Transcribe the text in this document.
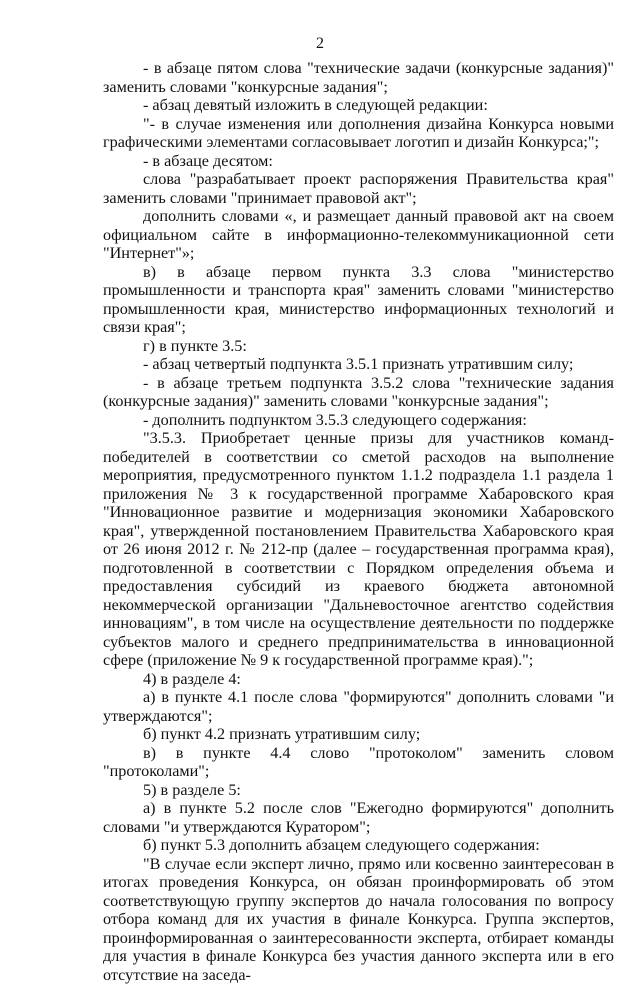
2

- в абзаце пятом слова "технические задачи (конкурсные задания)" заменить словами "конкурсные задания";

- абзац девятый изложить в следующей редакции:

"- в случае изменения или дополнения дизайна Конкурса новыми графическими элементами согласовывает логотип и дизайн Конкурса;";

- в абзаце десятом:

слова "разрабатывает проект распоряжения Правительства края" заменить словами "принимает правовой акт";

дополнить словами «, и размещает данный правовой акт на своем официальном сайте в информационно-телекоммуникационной сети "Интернет"»;

в) в абзаце первом пункта 3.3 слова "министерство промышленности и транспорта края" заменить словами "министерство промышленности края, министерство информационных технологий и связи края";

г) в пункте 3.5:

- абзац четвертый подпункта 3.5.1 признать утратившим силу;

- в абзаце третьем подпункта 3.5.2 слова "технические задания (конкурсные задания)" заменить словами "конкурсные задания";

- дополнить подпунктом 3.5.3 следующего содержания:

"3.5.3. Приобретает ценные призы для участников команд-победителей в соответствии со сметой расходов на выполнение мероприятия, предусмотренного пунктом 1.1.2 подраздела 1.1 раздела 1 приложения № 3 к государственной программе Хабаровского края "Инновационное развитие и модернизация экономики Хабаровского края", утвержденной постановлением Правительства Хабаровского края от 26 июня 2012 г. № 212-пр (далее – государственная программа края), подготовленной в соответствии с Порядком определения объема и предоставления субсидий из краевого бюджета автономной некоммерческой организации "Дальневосточное агентство содействия инновациям", в том числе на осуществление деятельности по поддержке субъектов малого и среднего предпринимательства в инновационной сфере (приложение № 9 к государственной программе края).";

4) в разделе 4:

а) в пункте 4.1 после слова "формируются" дополнить словами "и утверждаются";

б) пункт 4.2 признать утратившим силу;

в) в пункте 4.4 слово "протоколом" заменить словом "протоколами";

5) в разделе 5:

а) в пункте 5.2 после слов "Ежегодно формируются" дополнить словами "и утверждаются Куратором";

б) пункт 5.3 дополнить абзацем следующего содержания:

"В случае если эксперт лично, прямо или косвенно заинтересован в итогах проведения Конкурса, он обязан проинформировать об этом соответствующую группу экспертов до начала голосования по вопросу отбора команд для их участия в финале Конкурса. Группа экспертов, проинформированная о заинтересованности эксперта, отбирает команды для участия в финале Конкурса без участия данного эксперта или в его отсутствие на заседа-
